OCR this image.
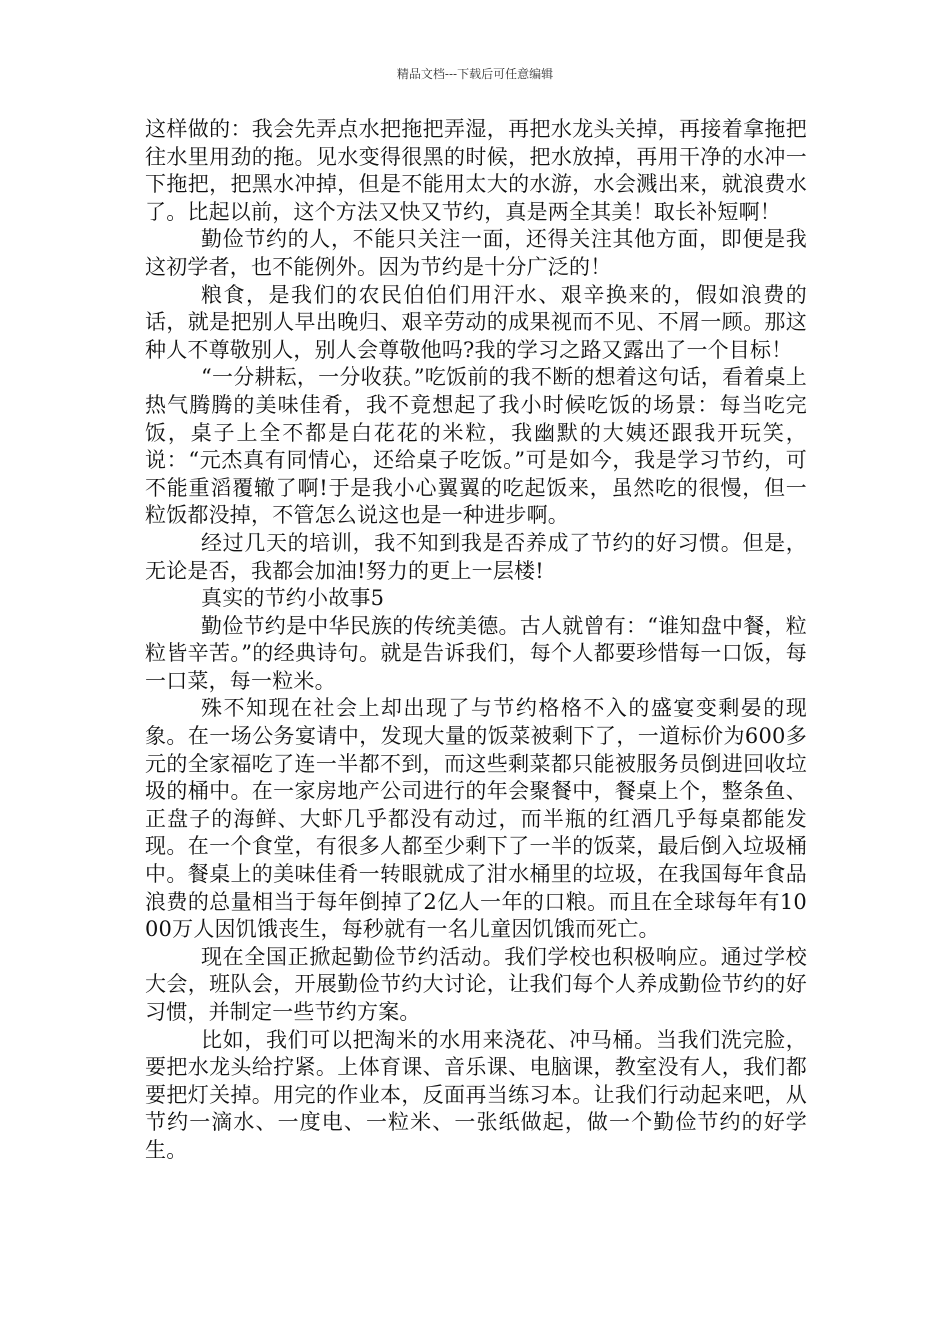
精品文档---下载后可任意编辑

这样做的：我会先弄点水把拖把弄湿，再把水龙头关掉，再接着拿拖把往水里用劲的拖。见水变得很黑的时候，把水放掉，再用干净的水冲一下拖把，把黑水冲掉，但是不能用太大的水游，水会溅出来，就浪费水了。比起以前，这个方法又快又节约，真是两全其美！取长补短啊！

勤俭节约的人，不能只关注一面，还得关注其他方面，即便是我这初学者，也不能例外。因为节约是十分广泛的！

粮食，是我们的农民伯伯们用汗水、艰辛换来的，假如浪费的话，就是把别人早出晚归、艰辛劳动的成果视而不见、不屑一顾。那这种人不尊敬别人，别人会尊敬他吗?我的学习之路又露出了一个目标！

“一分耕耘，一分收获。”吃饭前的我不断的想着这句话，看着桌上热气腾腾的美味佳肴，我不竟想起了我小时候吃饭的场景：每当吃完饭，桌子上全不都是白花花的米粒，我幽默的大姨还跟我开玩笑，说：“元杰真有同情心，还给桌子吃饭。”可是如今，我是学习节约，可不能重滔覆辙了啊!于是我小心翼翼的吃起饭来，虽然吃的很慢，但一粒饭都没掉，不管怎么说这也是一种进步啊。

经过几天的培训，我不知到我是否养成了节约的好习惯。但是，无论是否，我都会加油!努力的更上一层楼!

真实的节约小故事5

勤俭节约是中华民族的传统美德。古人就曾有：“谁知盘中餐，粒粒皆辛苦。”的经典诗句。就是告诉我们，每个人都要珍惜每一口饭，每一口菜，每一粒米。

殊不知现在社会上却出现了与节约格格不入的盛宴变剩晏的现象。在一场公务宴请中，发现大量的饭菜被剩下了，一道标价为600多元的全家福吃了连一半都不到，而这些剩菜都只能被服务员倒进回收垃圾的桶中。在一家房地产公司进行的年会聚餐中，餐桌上个，整条鱼、正盘子的海鲜、大虾几乎都没有动过，而半瓶的红酒几乎每桌都能发现。在一个食堂，有很多人都至少剩下了一半的饭菜，最后倒入垃圾桶中。餐桌上的美味佳肴一转眼就成了泔水桶里的垃圾，在我国每年食品浪费的总量相当于每年倒掉了2亿人一年的口粮。而且在全球每年有1000万人因饥饿丧生，每秒就有一名儿童因饥饿而死亡。

现在全国正掀起勤俭节约活动。我们学校也积极响应。通过学校大会，班队会，开展勤俭节约大讨论，让我们每个人养成勤俭节约的好习惯，并制定一些节约方案。

比如，我们可以把淘米的水用来浇花、冲马桶。当我们洗完脸，要把水龙头给拧紧。上体育课、音乐课、电脑课，教室没有人，我们都要把灯关掉。用完的作业本，反面再当练习本。让我们行动起来吧，从节约一滴水、一度电、一粒米、一张纸做起，做一个勤俭节约的好学生。
